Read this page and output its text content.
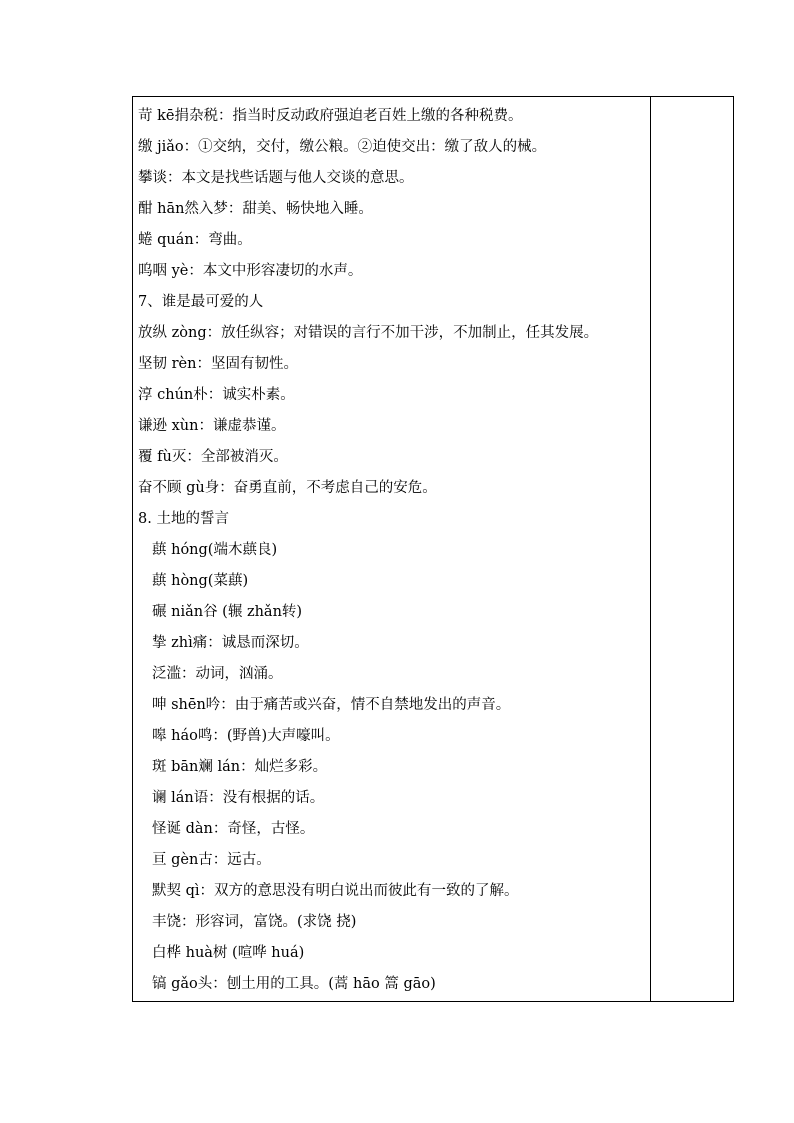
苛 kē捐杂税：指当时反动政府强迫老百姓上缴的各种税费。
缴 jiǎo：①交纳，交付，缴公粮。②迫使交出：缴了敌人的械。
攀谈：本文是找些话题与他人交谈的意思。
酣 hān然入梦：甜美、畅快地入睡。
蜷 quán：弯曲。
呜咽 yè：本文中形容凄切的水声。
7、谁是最可爱的人
放纵 zòng：放任纵容；对错误的言行不加干涉，不加制止，任其发展。
坚韧 rèn：坚固有韧性。
淳 chún朴：诚实朴素。
谦逊 xùn：谦虚恭谨。
覆 fù灭：全部被消灭。
奋不顾 gù身：奋勇直前，不考虑自己的安危。
8. 土地的誓言
蕻 hóng(端木蕻良)
蕻 hòng(菜蕻)
碾 niǎn谷 (辗 zhǎn转)
挚 zhì痛：诚恳而深切。
泛滥：动词，汹涌。
呻 shēn吟：由于痛苦或兴奋，情不自禁地发出的声音。
嗥 háo鸣：(野兽)大声嚎叫。
斑 bān斓 lán：灿烂多彩。
谰 lán语：没有根据的话。
怪诞 dàn：奇怪，古怪。
亘 gèn古：远古。
默契 qì：双方的意思没有明白说出而彼此有一致的了解。
丰饶：形容词，富饶。(求饶 挠)
白桦 huà树 (喧哗 huá)
镐 gǎo头：刨土用的工具。(蒿 hāo 篙 gāo)
